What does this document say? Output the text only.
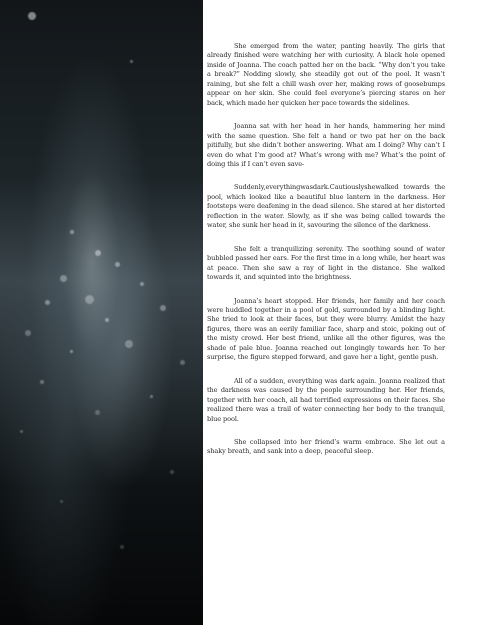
She emerged from the water, panting heavily. The girls that already finished were watching her with curiosity. A black hole opened inside of Joanna. The coach patted her on the back. “Why don’t you take a break?” Nodding slowly, she steadily got out of the pool. It wasn’t raining, but she felt a chill wash over her, making rows of goosebumps appear on her skin. She could feel everyone’s piercing stares on her back, which made her quicken her pace towards the sidelines.

Joanna sat with her head in her hands, hammering her mind with the same question. She felt a hand or two pat her on the back pitifully, but she didn’t bother answering. What am I doing? Why can’t I even do what I’m good at? What’s wrong with me? What’s the point of doing this if I can’t even save-

Suddenly,everythingwasdark.Cautiouslyshewalked towards the pool, which looked like a beautiful blue lantern in the darkness. Her footsteps were deafening in the dead silence. She stared at her distorted reflection in the water. Slowly, as if she was being called towards the water, she sunk her head in it, savouring the silence of the darkness.

She felt a tranquilizing serenity. The soothing sound of water bubbled passed her ears. For the first time in a long while, her heart was at peace. Then she saw a ray of light in the distance. She walked towards it, and squinted into the brightness.

Joanna’s heart stopped. Her friends, her family and her coach were huddled together in a pool of gold, surrounded by a blinding light. She tried to look at their faces, but they were blurry. Amidst the hazy figures, there was an eerily familiar face, sharp and stoic, poking out of the misty crowd. Her best friend, unlike all the other figures, was the shade of pale blue. Joanna reached out longingly towards her. To her surprise, the figure stepped forward, and gave her a light, gentle push.

All of a sudden, everything was dark again. Joanna realized that the darkness was caused by the people surrounding her. Her friends, together with her coach, all had terrified expressions on their faces. She realized there was a trail of water connecting her body to the tranquil, blue pool.

She collapsed into her friend’s warm embrace. She let out a shaky breath, and sank into a deep, peaceful sleep.
